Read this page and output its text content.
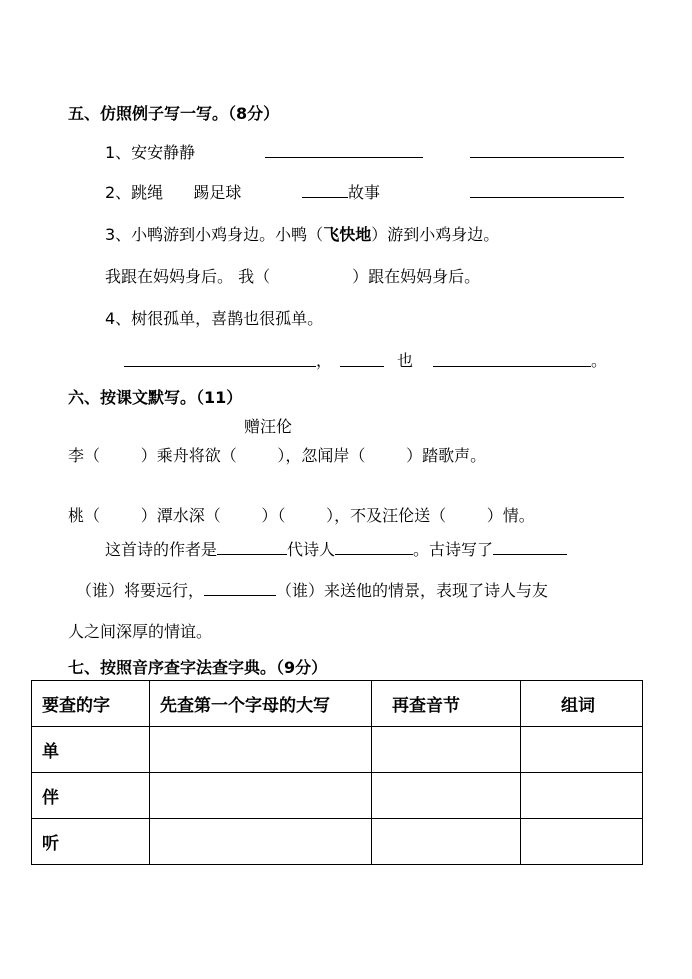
五、仿照例子写一写。（8分）
1、安安静静
2、跳绳 踢足球	故事
3、小鸭游到小鸡身边。小鸭（飞快地）游到小鸡身边。
我跟在妈妈身后。 我（	）跟在妈妈身后。
4、树很孤单，喜鹊也很孤单。
，	也	。
六、按课文默写。（11）
赠汪伦
李（        ）乘舟将欲（        ），忽闻岸（        ）踏歌声。
桃（        ）潭水深（        ）（        ），不及汪伦送（        ）情。
这首诗的作者是	代诗人	。古诗写了
（谁）将要远行，	（谁）来送他的情景，表现了诗人与友
人之间深厚的情谊。
七、按照音序查字法查字典。（9分）
要查的字	先查第一个字母的大写	再查音节	组词
单			
伴			
听			
